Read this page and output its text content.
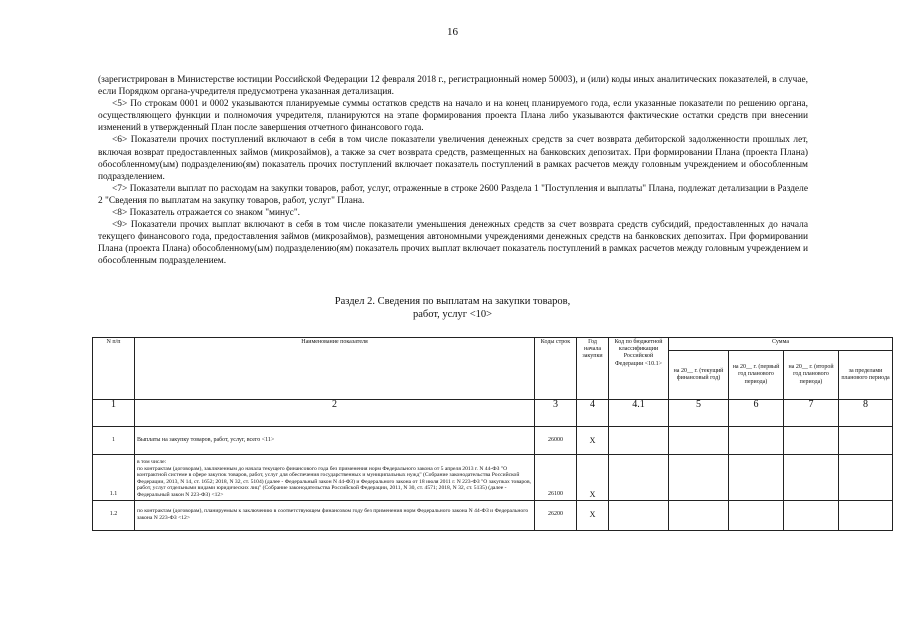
16

(зарегистрирован в Министерстве юстиции Российской Федерации 12 февраля 2018 г., регистрационный номер 50003), и (или) коды иных аналитических показателей, в случае, если Порядком органа-учредителя предусмотрена указанная детализация.

<5> По строкам 0001 и 0002 указываются планируемые суммы остатков средств на начало и на конец планируемого года, если указанные показатели по решению органа, осуществляющего функции и полномочия учредителя, планируются на этапе формирования проекта Плана либо указываются фактические остатки средств при внесении изменений в утвержденный План после завершения отчетного финансового года.

<6> Показатели прочих поступлений включают в себя в том числе показатели увеличения денежных средств за счет возврата дебиторской задолженности прошлых лет, включая возврат предоставленных займов (микрозаймов), а также за счет возврата средств, размещенных на банковских депозитах. При формировании Плана (проекта Плана) обособленному(ым) подразделению(ям) показатель прочих поступлений включает показатель поступлений в рамках расчетов между головным учреждением и обособленным подразделением.

<7> Показатели выплат по расходам на закупки товаров, работ, услуг, отраженные в строке 2600 Раздела 1 "Поступления и выплаты" Плана, подлежат детализации в Разделе 2 "Сведения по выплатам на закупку товаров, работ, услуг" Плана.

<8> Показатель отражается со знаком "минус".

<9> Показатели прочих выплат включают в себя в том числе показатели уменьшения денежных средств за счет возврата средств субсидий, предоставленных до начала текущего финансового года, предоставления займов (микрозаймов), размещения автономными учреждениями денежных средств на банковских депозитах. При формировании Плана (проекта Плана) обособленному(ым) подразделению(ям) показатель прочих выплат включает показатель поступлений в рамках расчетов между головным учреждением и обособленным подразделением.

Раздел 2. Сведения по выплатам на закупки товаров,
работ, услуг <10>
N п/п	Наименование показателя	Коды строк	Год начала закупки	Код по бюджетной классификации Российской Федерации <10.1>	Сумма			
					на 20__ г. (текущий финансовый год)	на 20__ г. (первый год планового периода)	на 20__ г. (второй год планового периода)	за пределами планового периода
1	2	3	4	4.1	5	6	7	8
1	Выплаты на закупку товаров, работ, услуг, всего <11>	26000	Х					
1.1	в том числе:
по контрактам (договорам), заключенным до начала текущего финансового года без применения норм Федерального закона от 5 апреля 2013 г. N 44-ФЗ "О контрактной системе в сфере закупок товаров, работ, услуг для обеспечения государственных и муниципальных нужд" (Собрание законодательства Российской Федерации, 2013, N 14, ст. 1652; 2018, N 32, ст. 5104) (далее - Федеральный закон N 44-ФЗ) и Федерального закона от 18 июля 2011 г. N 223-ФЗ "О закупках товаров, работ, услуг отдельными видами юридических лиц" (Собрание законодательства Российской Федерации, 2011, N 30, ст. 4571; 2018, N 32, ст. 5135) (далее - Федеральный закон N 223-ФЗ) <12>	26100	Х					
1.2	по контрактам (договорам), планируемым к заключению в соответствующем финансовом году без применения норм Федерального закона N 44-ФЗ и Федерального закона N 223-ФЗ <12>	26200	Х					
